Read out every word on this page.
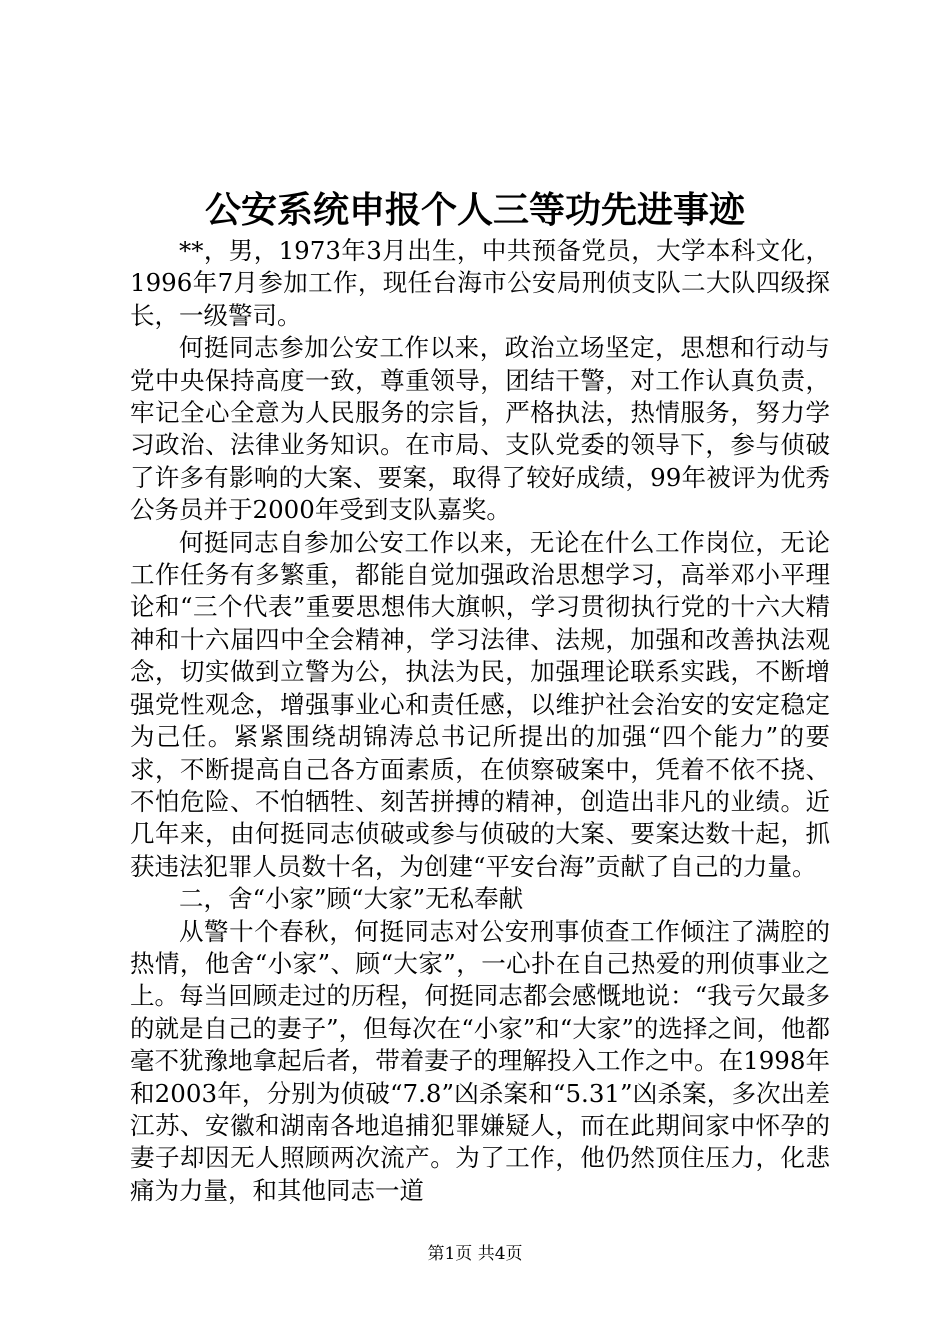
公安系统申报个人三等功先进事迹

**，男，1973年3月出生，中共预备党员，大学本科文化，1996年7月参加工作，现任台海市公安局刑侦支队二大队四级探长，一级警司。

何挺同志参加公安工作以来，政治立场坚定，思想和行动与党中央保持高度一致，尊重领导，团结干警，对工作认真负责，牢记全心全意为人民服务的宗旨，严格执法，热情服务，努力学习政治、法律业务知识。在市局、支队党委的领导下，参与侦破了许多有影响的大案、要案，取得了较好成绩，99年被评为优秀公务员并于2000年受到支队嘉奖。

何挺同志自参加公安工作以来，无论在什么工作岗位，无论工作任务有多繁重，都能自觉加强政治思想学习，高举邓小平理论和“三个代表”重要思想伟大旗帜，学习贯彻执行党的十六大精神和十六届四中全会精神，学习法律、法规，加强和改善执法观念，切实做到立警为公，执法为民，加强理论联系实践，不断增强党性观念，增强事业心和责任感，以维护社会治安的安定稳定为己任。紧紧围绕胡锦涛总书记所提出的加强“四个能力”的要求，不断提高自己各方面素质，在侦察破案中，凭着不依不挠、不怕危险、不怕牺牲、刻苦拼搏的精神，创造出非凡的业绩。近几年来，由何挺同志侦破或参与侦破的大案、要案达数十起，抓获违法犯罪人员数十名，为创建“平安台海”贡献了自己的力量。

二，舍“小家”顾“大家”无私奉献

从警十个春秋，何挺同志对公安刑事侦查工作倾注了满腔的热情，他舍“小家”、顾“大家”，一心扑在自己热爱的刑侦事业之上。每当回顾走过的历程，何挺同志都会感慨地说：“我亏欠最多的就是自己的妻子”，但每次在“小家”和“大家”的选择之间，他都毫不犹豫地拿起后者，带着妻子的理解投入工作之中。在1998年和2003年，分别为侦破“7.8”凶杀案和“5.31”凶杀案，多次出差江苏、安徽和湖南各地追捕犯罪嫌疑人，而在此期间家中怀孕的妻子却因无人照顾两次流产。为了工作，他仍然顶住压力，化悲痛为力量，和其他同志一道

第1页 共4页
